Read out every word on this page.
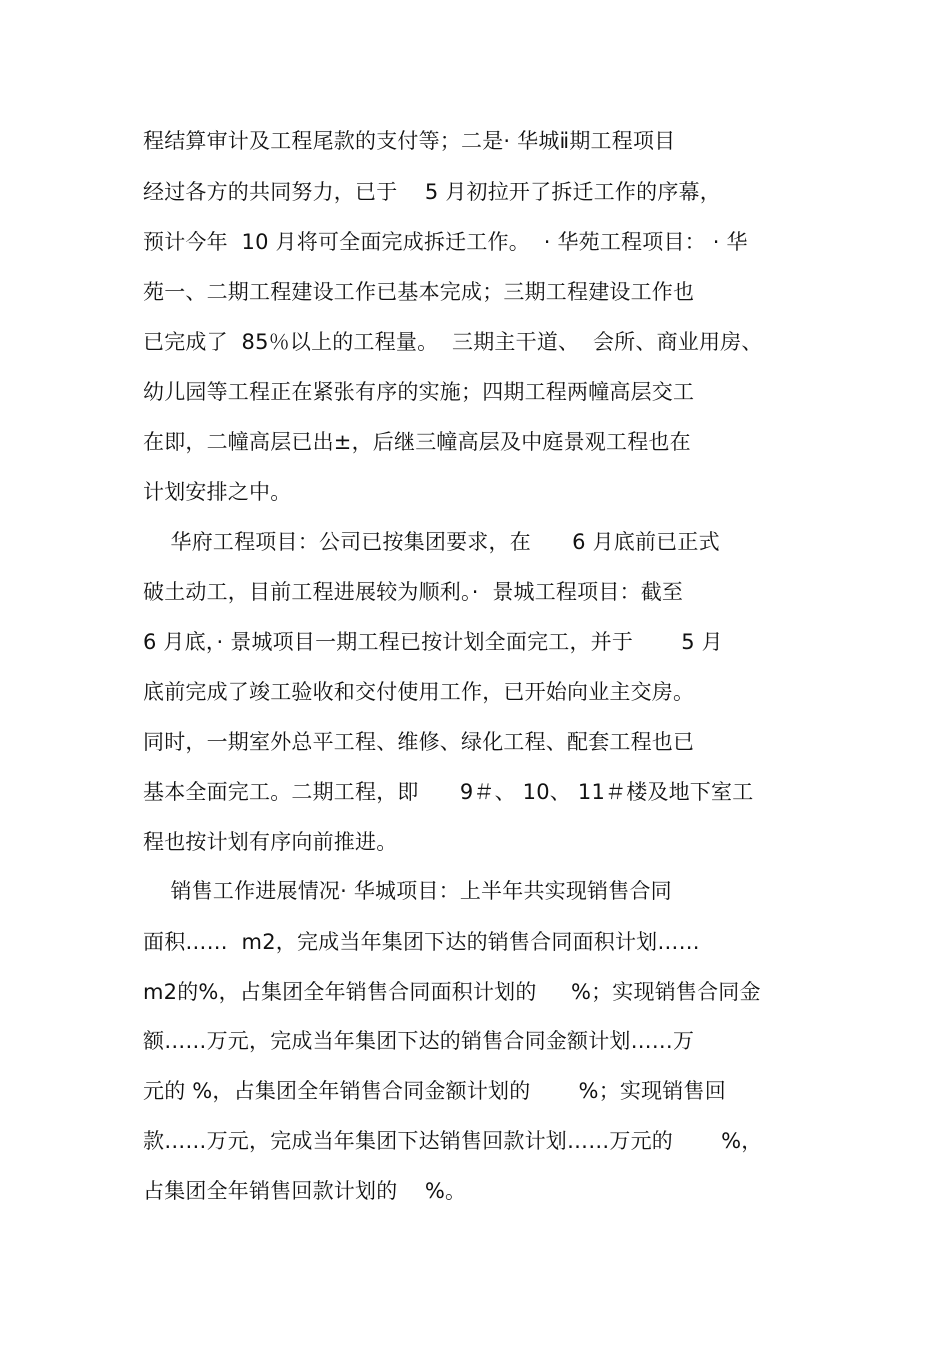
程结算审计及工程尾款的支付等；二是· 华城ⅱ期工程项目
经过各方的共同努力，已于    5 月初拉开了拆迁工作的序幕，
预计今年  10 月将可全面完成拆迁工作。  · 华苑工程项目： · 华
苑一、二期工程建设工作已基本完成；三期工程建设工作也
已完成了  85％以上的工程量。  三期主干道、  会所、商业用房、
幼儿园等工程正在紧张有序的实施；四期工程两幢高层交工
在即，二幢高层已出±，后继三幢高层及中庭景观工程也在
计划安排之中。
华府工程项目：公司已按集团要求，在      6 月底前已正式
破土动工，目前工程进展较为顺利。·  景城工程项目：截至
6 月底，· 景城项目一期工程已按计划全面完工，并于       5 月
底前完成了竣工验收和交付使用工作，已开始向业主交房。
同时，一期室外总平工程、维修、绿化工程、配套工程也已
基本全面完工。二期工程，即      9＃、 10、 11＃楼及地下室工
程也按计划有序向前推进。
销售工作进展情况· 华城项目：上半年共实现销售合同
面积……  m2，完成当年集团下达的销售合同面积计划……
m2的%，占集团全年销售合同面积计划的     %；实现销售合同金
额……万元，完成当年集团下达的销售合同金额计划……万
元的 %，占集团全年销售合同金额计划的       %；实现销售回
款……万元，完成当年集团下达销售回款计划……万元的       %，
占集团全年销售回款计划的    %。
